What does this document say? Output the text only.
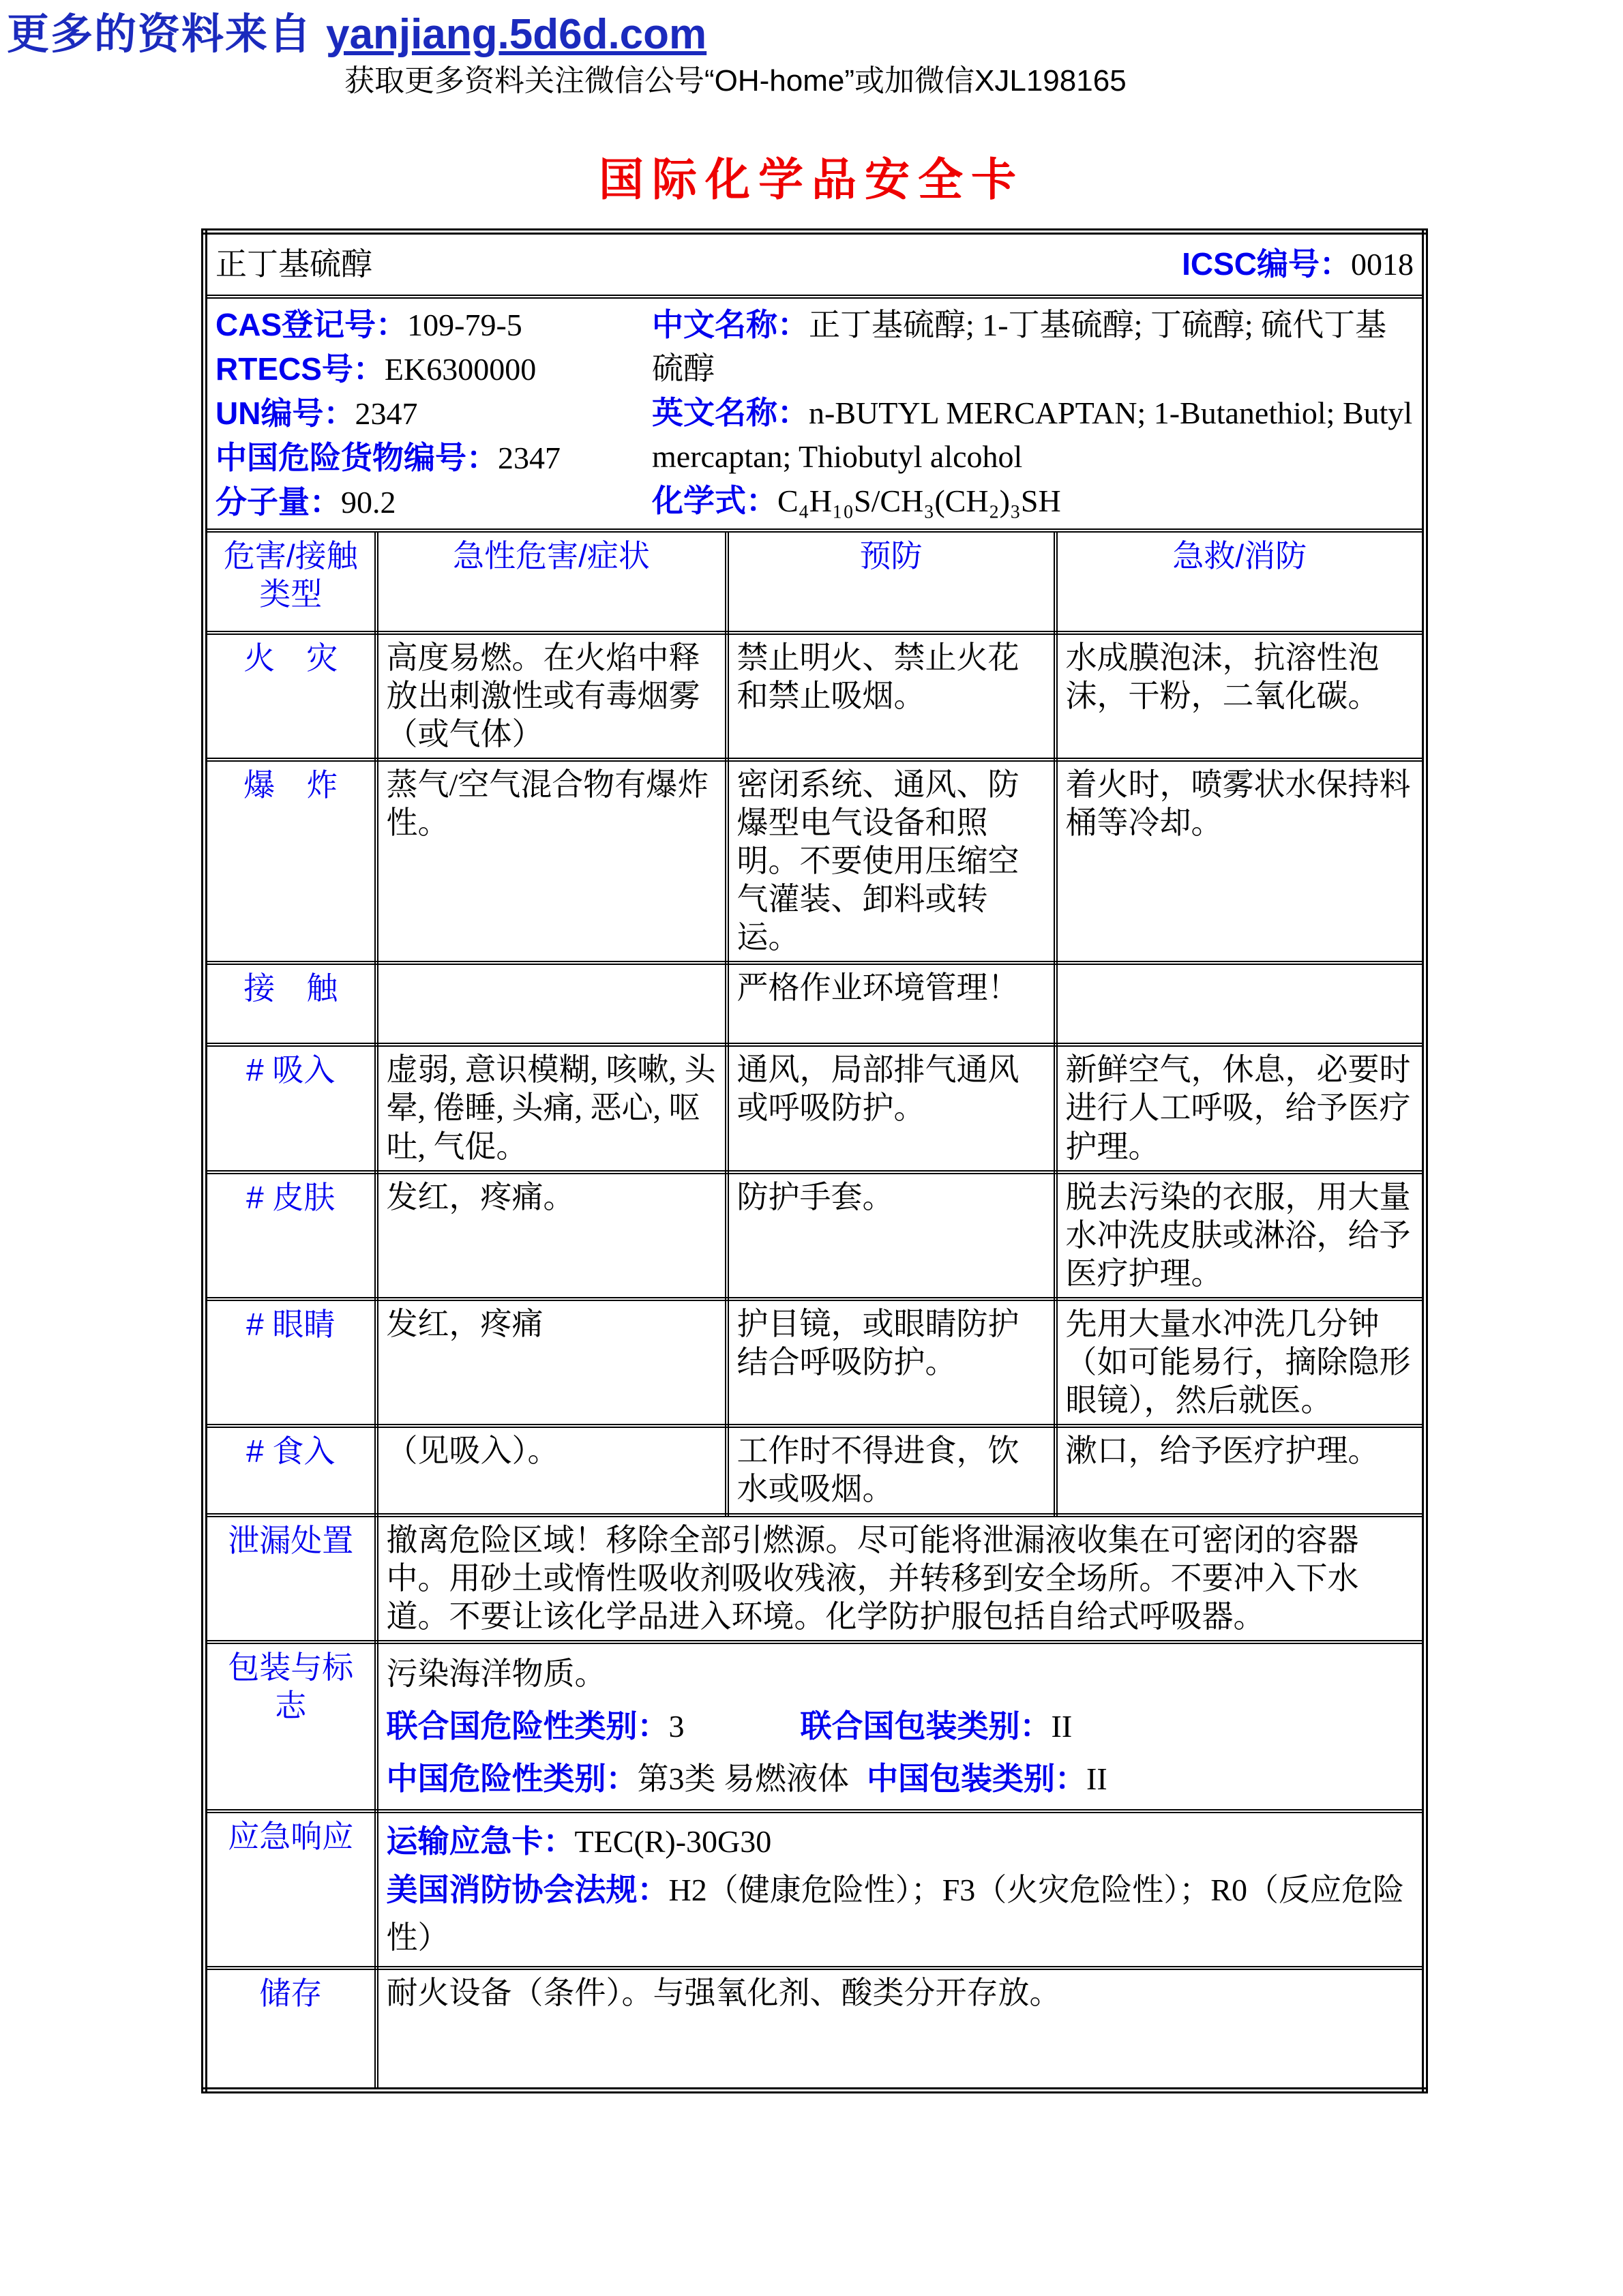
更多的资料来自 yanjiang.5d6d.com
获取更多资料关注微信公号“OH-home”或加微信XJL198165
国际化学品安全卡
正丁基硫醇 ICSC编号：0018			

CAS登记号：109-79-5
RTECS号：EK6300000
UN编号：2347
中国危险货物编号：2347
分子量：90.2
中文名称：正丁基硫醇; 1-丁基硫醇; 丁硫醇; 硫代丁基硫醇
英文名称：n-BUTYL MERCAPTAN; 1-Butanethiol; Butyl mercaptan; Thiobutyl alcohol
化学式：C₄H₁₀S/CH₃(CH₂)₃SH

危害/接触类型	急性危害/症状	预防	急救/消防
火　灾	高度易燃。在火焰中释放出刺激性或有毒烟雾（或气体）	禁止明火、禁止火花和禁止吸烟。	水成膜泡沫，抗溶性泡沫，干粉，二氧化碳。
爆　炸	蒸气/空气混合物有爆炸性。	密闭系统、通风、防爆型电气设备和照明。不要使用压缩空气灌装、卸料或转运。	着火时，喷雾状水保持料桶等冷却。
接　触		严格作业环境管理！	
# 吸入	虚弱, 意识模糊, 咳嗽, 头晕, 倦睡, 头痛, 恶心, 呕吐, 气促。	通风，局部排气通风或呼吸防护。	新鲜空气，休息，必要时进行人工呼吸，给予医疗护理。
# 皮肤	发红，疼痛。	防护手套。	脱去污染的衣服，用大量水冲洗皮肤或淋浴，给予医疗护理。
# 眼睛	发红，疼痛	护目镜，或眼睛防护结合呼吸防护。	先用大量水冲洗几分钟（如可能易行，摘除隐形眼镜），然后就医。
# 食入	（见吸入）。	工作时不得进食，饮水或吸烟。	漱口，给予医疗护理。
泄漏处置	撤离危险区域！移除全部引燃源。尽可能将泄漏液收集在可密闭的容器中。用砂土或惰性吸收剂吸收残液，并转移到安全场所。不要冲入下水道。不要让该化学品进入环境。化学防护服包括自给式呼吸器。		
包装与标志	污染海洋物质。
联合国危险性类别：3 联合国包装类别：II
中国危险性类别：第3类 易燃液体 中国包装类别：II		

应急响应	运输应急卡：TEC(R)-30G30
美国消防协会法规：H2（健康危险性）；F3（火灾危险性）；R0（反应危险性）		

储存	耐火设备（条件）。与强氧化剂、酸类分开存放。		
